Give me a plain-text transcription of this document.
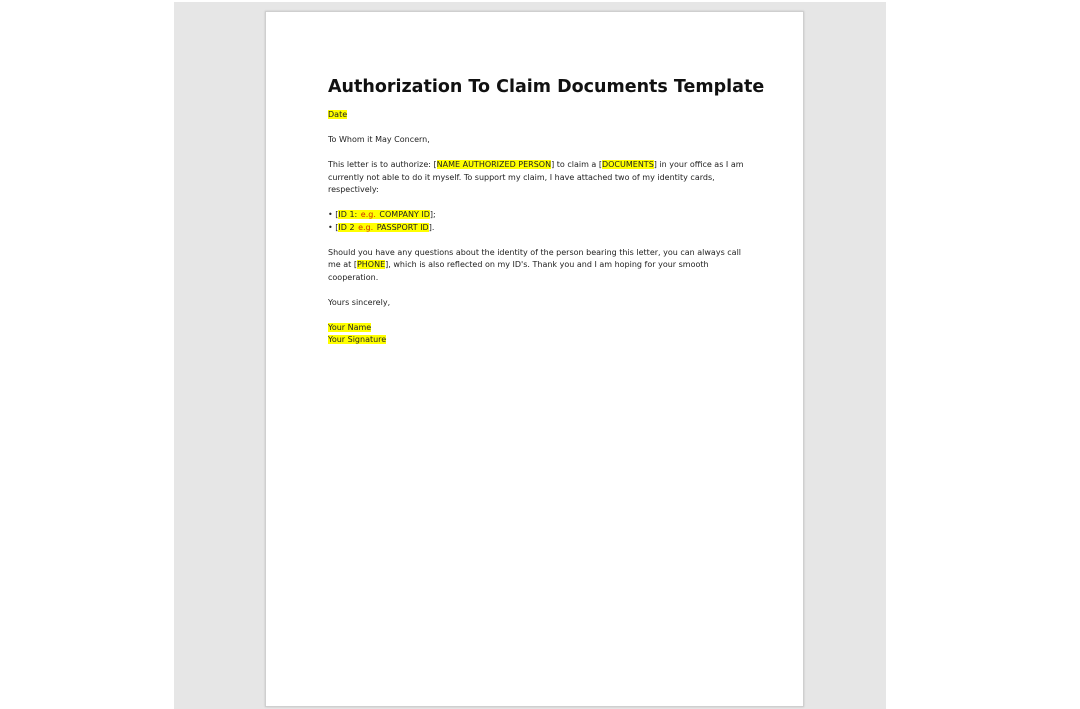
Authorization To Claim Documents Template

Date

To Whom it May Concern,

This letter is to authorize: [NAME AUTHORIZED PERSON] to claim a [DOCUMENTS] in your office as I am
currently not able to do it myself. To support my claim, I have attached two of my identity cards,
respectively:

• [ID 1: e.g. COMPANY ID];
• [ID 2 e.g. PASSPORT ID].

Should you have any questions about the identity of the person bearing this letter, you can always call
me at [PHONE], which is also reflected on my ID's. Thank you and I am hoping for your smooth
cooperation.

Yours sincerely,

Your Name
Your Signature
